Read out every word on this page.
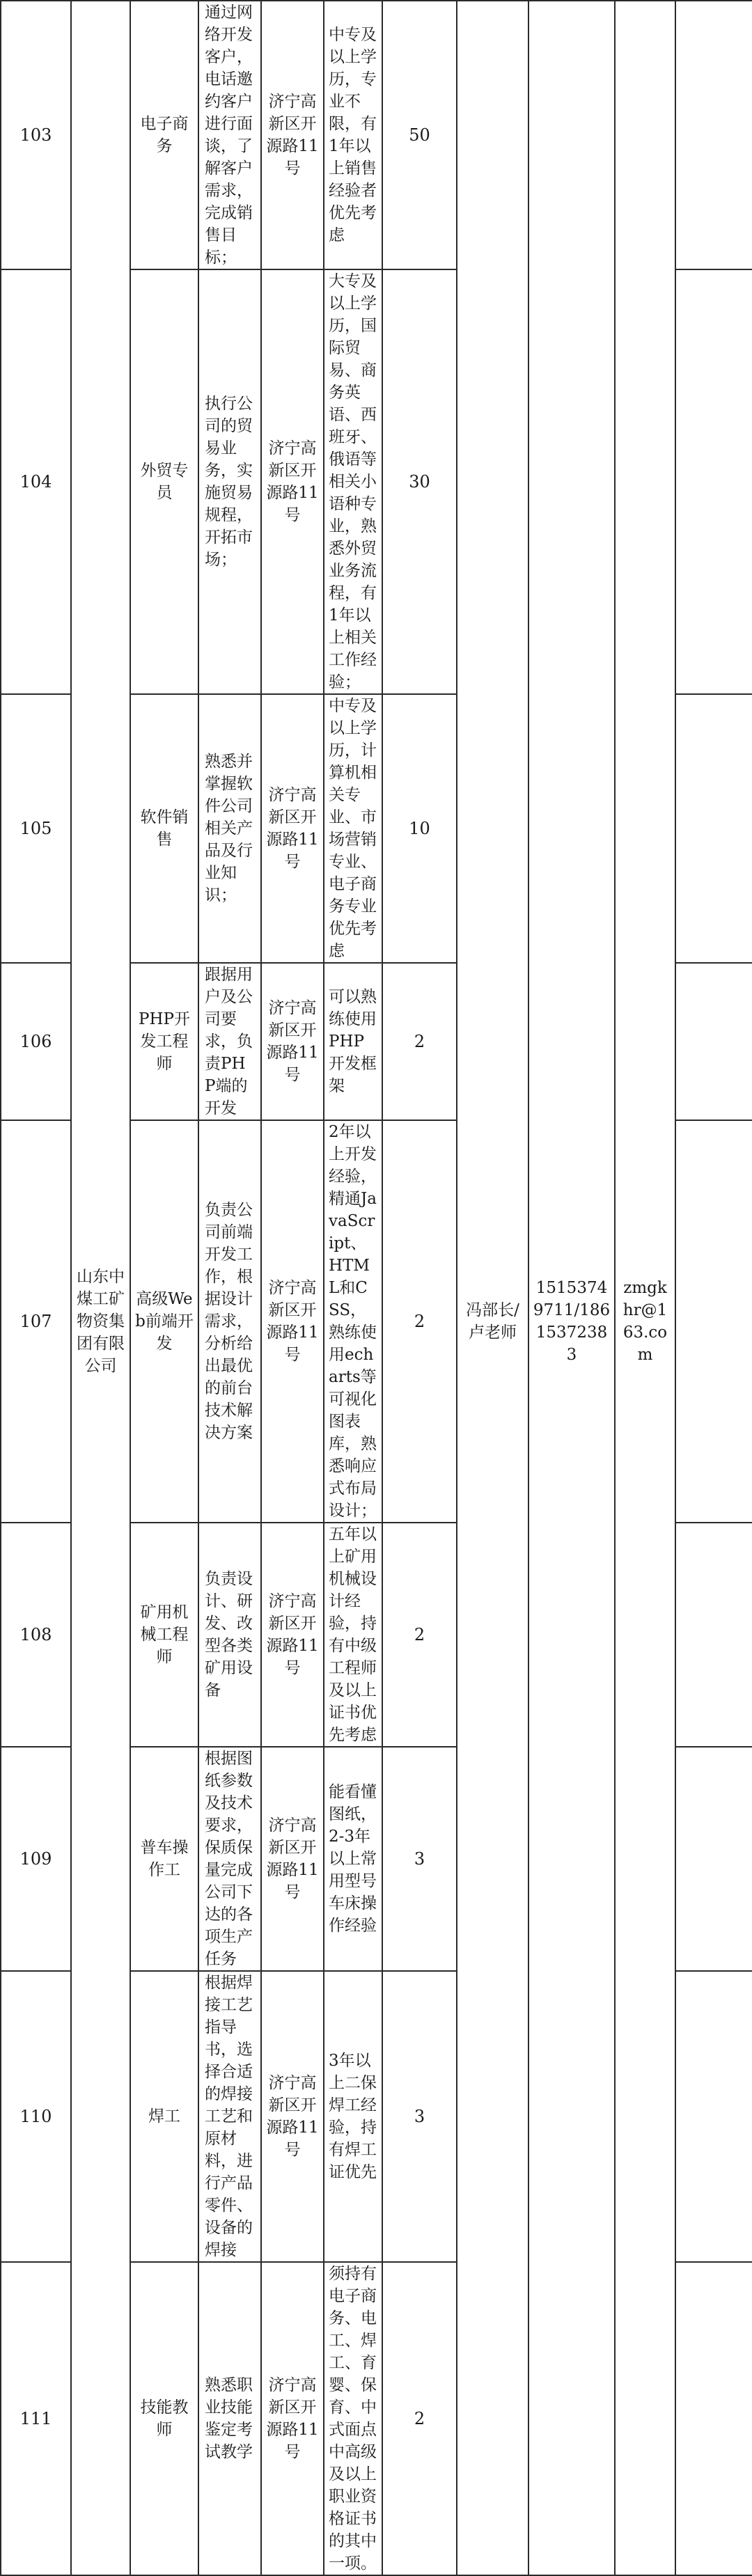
103		电子商务	通过网络开发客户，电话邀约客户进行面谈，了解客户需求，完成销售目标；	济宁高新区开源路11号	中专及以上学历，专业不限，有1年以上销售经验者优先考虑	50					
104		外贸专员	执行公司的贸易业务，实施贸易规程，开拓市场；	济宁高新区开源路11号	大专及以上学历，国际贸易、商务英语、西班牙、俄语等相关小语种专业，熟悉外贸业务流程，有1年以上相关工作经验；	30					
105		软件销售	熟悉并掌握软件公司相关产品及行业知识；	济宁高新区开源路11号	中专及以上学历，计算机相关专业、市场营销专业、电子商务专业优先考虑	10					
106		PHP开发工程师	跟据用户及公司要求，负责PHP端的开发	济宁高新区开源路11号	可以熟练使用PHP开发框架	2					
107	山东中煤工矿物资集团有限公司	高级Web前端开发	负责公司前端开发工作，根据设计需求，分析给出最优的前台技术解决方案	济宁高新区开源路11号	2年以上开发经验，精通JavaScript、HTML和CSS，熟练使用echarts等可视化图表库，熟悉响应式布局设计；	2	冯部长/卢老师	15153749711/18615372383	zmgkhr@163.com		
108		矿用机械工程师	负责设计、研发、改型各类矿用设备	济宁高新区开源路11号	五年以上矿用机械设计经验，持有中级工程师及以上证书优先考虑	2					
109		普车操作工	根据图纸参数及技术要求，保质保量完成公司下达的各项生产任务	济宁高新区开源路11号	能看懂图纸，2-3年以上常用型号车床操作经验	3					
110		焊工	根据焊接工艺指导书，选择合适的焊接工艺和原材料，进行产品零件、设备的焊接	济宁高新区开源路11号	3年以上二保焊工经验，持有焊工证优先	3					
111		技能教师	熟悉职业技能鉴定考试教学	济宁高新区开源路11号	须持有电子商务、电工、焊工、育婴、保育、中式面点中高级及以上职业资格证书的其中一项。	2					
